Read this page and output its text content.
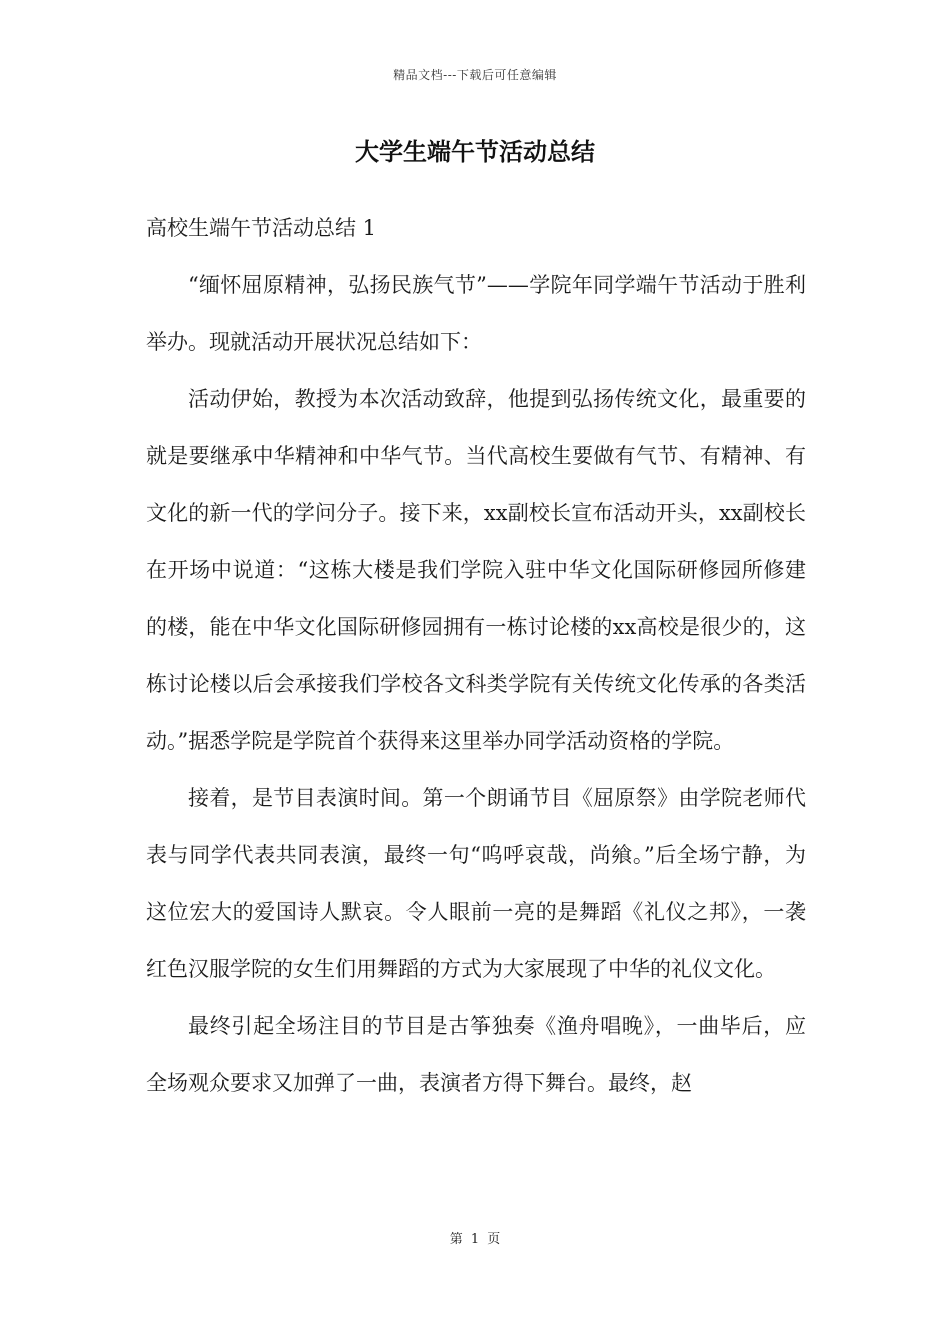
精品文档---下载后可任意编辑
大学生端午节活动总结

高校生端午节活动总结 1

“缅怀屈原精神，弘扬民族气节”——学院年同学端午节活动于胜利举办。现就活动开展状况总结如下：

活动伊始，教授为本次活动致辞，他提到弘扬传统文化，最重要的就是要继承中华精神和中华气节。当代高校生要做有气节、有精神、有文化的新一代的学问分子。接下来，xx副校长宣布活动开头，xx副校长在开场中说道：“这栋大楼是我们学院入驻中华文化国际研修园所修建的楼，能在中华文化国际研修园拥有一栋讨论楼的xx高校是很少的，这栋讨论楼以后会承接我们学校各文科类学院有关传统文化传承的各类活动。”据悉学院是学院首个获得来这里举办同学活动资格的学院。

接着，是节目表演时间。第一个朗诵节目《屈原祭》由学院老师代表与同学代表共同表演，最终一句“呜呼哀哉，尚飨。”后全场宁静，为这位宏大的爱国诗人默哀。令人眼前一亮的是舞蹈《礼仪之邦》，一袭红色汉服学院的女生们用舞蹈的方式为大家展现了中华的礼仪文化。

最终引起全场注目的节目是古筝独奏《渔舟唱晚》，一曲毕后，应全场观众要求又加弹了一曲，表演者方得下舞台。最终，赵

第 1 页
